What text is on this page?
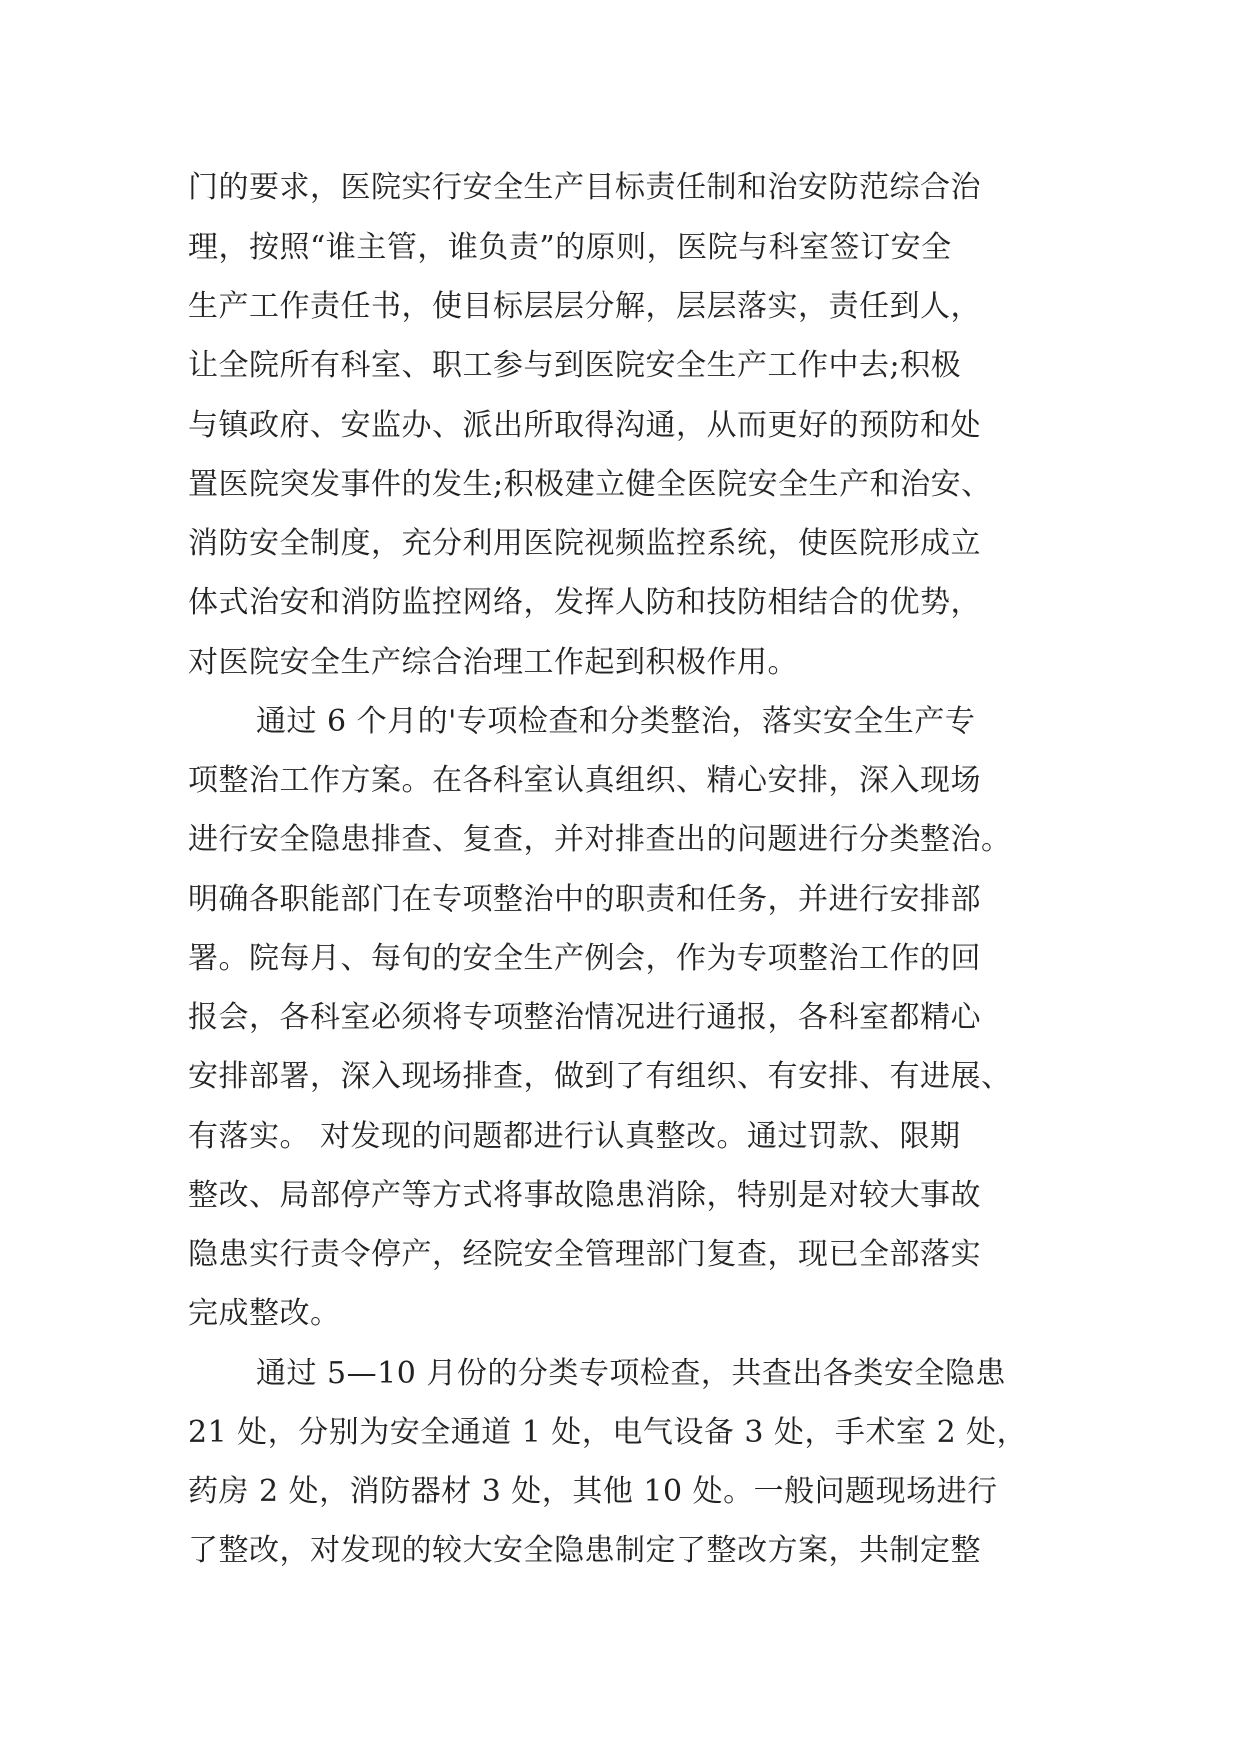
门的要求，医院实行安全生产目标责任制和治安防范综合治
理，按照“谁主管，谁负责”的原则，医院与科室签订安全
生产工作责任书，使目标层层分解，层层落实，责任到人，
让全院所有科室、职工参与到医院安全生产工作中去;积极
与镇政府、安监办、派出所取得沟通，从而更好的预防和处
置医院突发事件的发生;积极建立健全医院安全生产和治安、
消防安全制度，充分利用医院视频监控系统，使医院形成立
体式治安和消防监控网络，发挥人防和技防相结合的优势，
对医院安全生产综合治理工作起到积极作用。
通过 6 个月的'专项检查和分类整治，落实安全生产专
项整治工作方案。在各科室认真组织、精心安排，深入现场
进行安全隐患排查、复查，并对排查出的问题进行分类整治。
明确各职能部门在专项整治中的职责和任务，并进行安排部
署。院每月、每旬的安全生产例会，作为专项整治工作的回
报会，各科室必须将专项整治情况进行通报，各科室都精心
安排部署，深入现场排查，做到了有组织、有安排、有进展、
有落实。 对发现的问题都进行认真整改。通过罚款、限期
整改、局部停产等方式将事故隐患消除，特别是对较大事故
隐患实行责令停产，经院安全管理部门复查，现已全部落实
完成整改。
通过 5—10 月份的分类专项检查，共查出各类安全隐患
21 处，分别为安全通道 1 处，电气设备 3 处，手术室 2 处，
药房 2 处，消防器材 3 处，其他 10 处。一般问题现场进行
了整改，对发现的较大安全隐患制定了整改方案，共制定整
